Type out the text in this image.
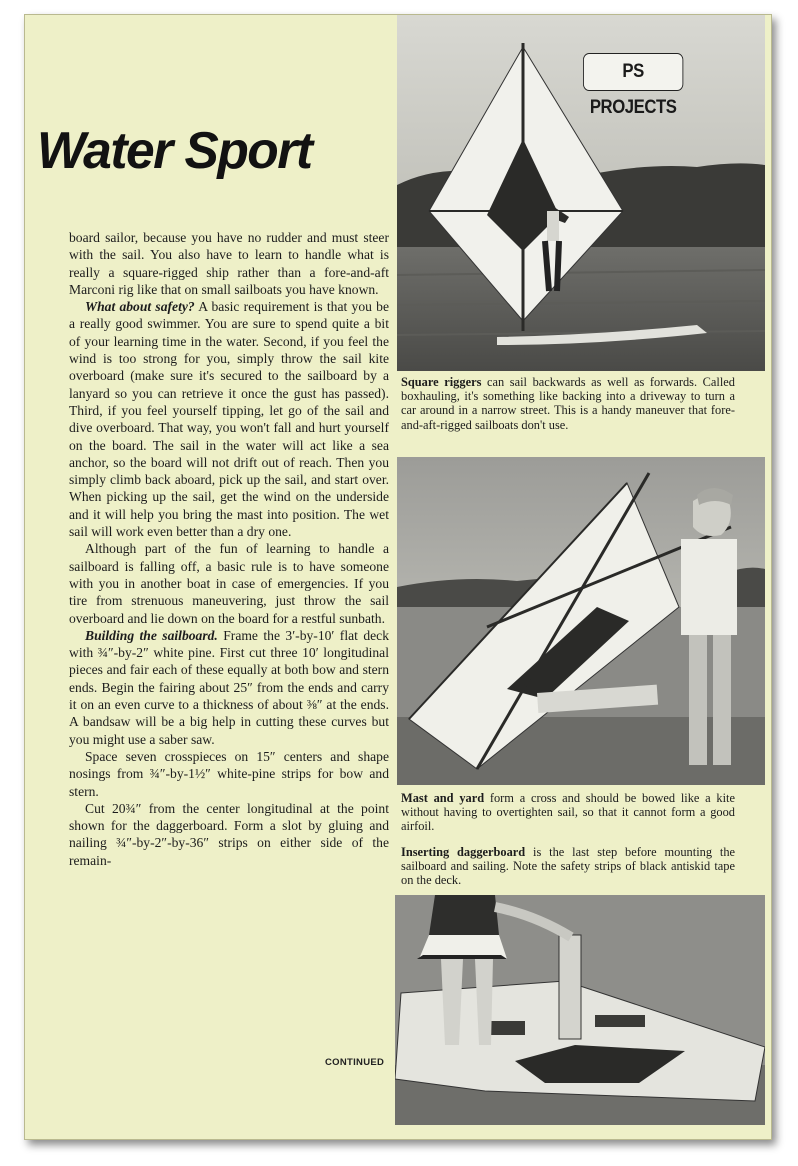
Water Sport

board sailor, because you have no rudder and must steer with the sail. You also have to learn to handle what is really a square-rigged ship rather than a fore-and-aft Marconi rig like that on small sailboats you have known.

What about safety? A basic requirement is that you be a really good swimmer. You are sure to spend quite a bit of your learning time in the water. Second, if you feel the wind is too strong for you, simply throw the sail kite overboard (make sure it's secured to the sailboard by a lanyard so you can retrieve it once the gust has passed). Third, if you feel yourself tipping, let go of the sail and dive overboard. That way, you won't fall and hurt yourself on the board. The sail in the water will act like a sea anchor, so the board will not drift out of reach. Then you simply climb back aboard, pick up the sail, and start over. When picking up the sail, get the wind on the underside and it will help you bring the mast into position. The wet sail will work even better than a dry one.

Although part of the fun of learning to handle a sailboard is falling off, a basic rule is to have someone with you in another boat in case of emergencies. If you tire from strenuous maneuvering, just throw the sail overboard and lie down on the board for a restful sunbath.

Building the sailboard. Frame the 3′-by-10′ flat deck with ¾″-by-2″ white pine. First cut three 10′ longitudinal pieces and fair each of these equally at both bow and stern ends. Begin the fairing about 25″ from the ends and carry it on an even curve to a thickness of about ⅜″ at the ends. A bandsaw will be a big help in cutting these curves but you might use a saber saw.

Space seven crosspieces on 15″ centers and shape nosings from ¾″-by-1½″ white-pine strips for bow and stern.

Cut 20¾″ from the center longitudinal at the point shown for the daggerboard. Form a slot by gluing and nailing ¾″-by-2″-by-36″ strips on either side of the remain-

CONTINUED
Square riggers can sail backwards as well as forwards. Called boxhauling, it's something like backing into a driveway to turn a car around in a narrow street. This is a handy maneuver that fore-and-aft-rigged sailboats don't use.
Mast and yard form a cross and should be bowed like a kite without having to overtighten sail, so that it cannot form a good airfoil.
Inserting daggerboard is the last step before mounting the sailboard and sailing. Note the safety strips of black antiskid tape on the deck.
PS PROJECTS
